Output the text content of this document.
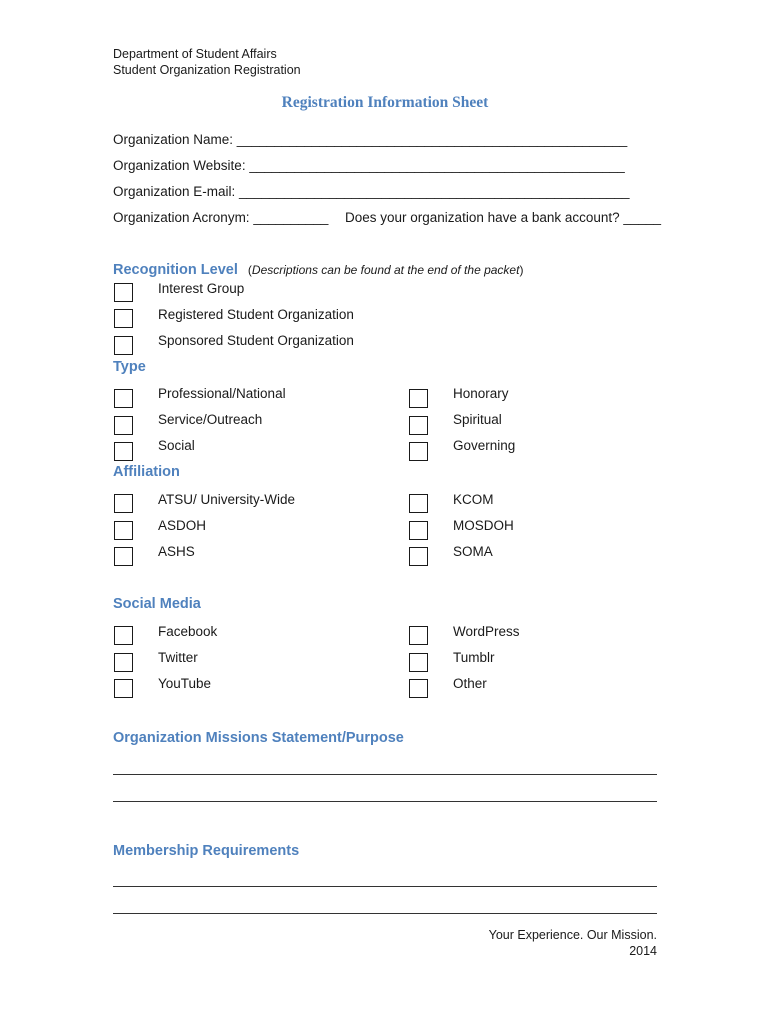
Department of Student Affairs
Student Organization Registration
Registration Information Sheet
Organization Name: ____________________________________________________
Organization Website: __________________________________________________
Organization E-mail: ____________________________________________________
Organization Acronym: __________ Does your organization have a bank account? _____
Recognition Level (Descriptions can be found at the end of the packet)
Interest Group
Registered Student Organization
Sponsored Student Organization
Type
Professional/National
Service/Outreach
Social
Honorary
Spiritual
Governing
Affiliation
ATSU/ University-Wide
ASDOH
ASHS
KCOM
MOSDOH
SOMA
Social Media
Facebook
Twitter
YouTube
WordPress
Tumblr
Other
Organization Missions Statement/Purpose
Membership Requirements
Your Experience. Our Mission.
2014
